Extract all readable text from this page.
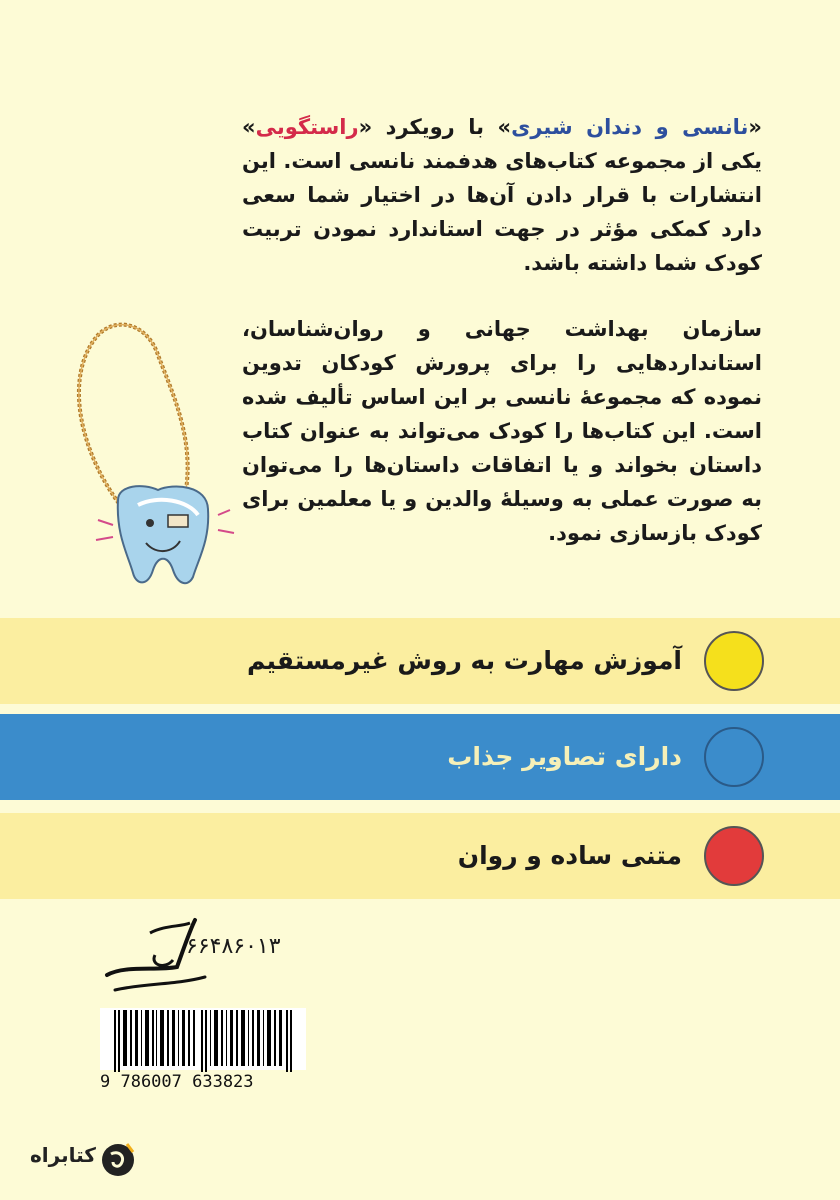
«نانسی و دندان شیری» با رویکرد «راستگویی» یکی از مجموعه کتاب‌های هدفمند نانسی است. این انتشارات با قرار دادن آن‌ها در اختیار شما سعی دارد کمکی مؤثر در جهت استاندارد نمودن تربیت کودک شما داشته باشد.
سازمان بهداشت جهانی و روان‌شناسان، استانداردهایی را برای پرورش کودکان تدوین نموده که مجموعۀ نانسی بر این اساس تألیف شده است. این کتاب‌ها را کودک می‌تواند به عنوان کتاب داستان بخواند و یا اتفاقات داستان‌ها را می‌توان به صورت عملی به وسیلۀ والدین و یا معلمین برای کودک بازسازی نمود.
آموزش مهارت به روش غیرمستقیم
دارای تصاویر جذاب
متنی ساده و روان
۶۶۴۸۶۰۱۳
9 786007 633823
کتابراه
